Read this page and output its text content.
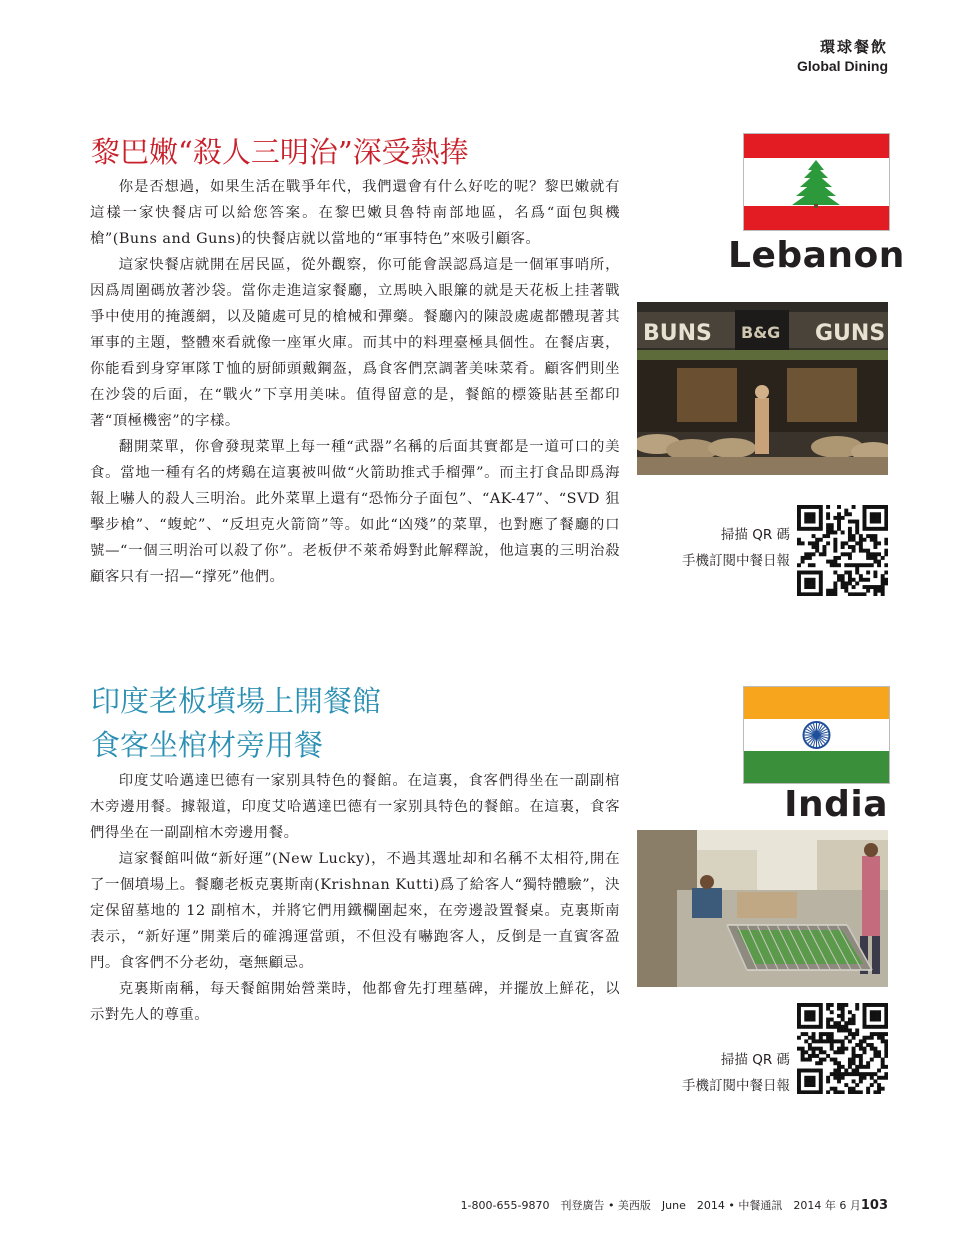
環球餐飲
Global Dining
黎巴嫩“殺人三明治”深受熱捧

你是否想過，如果生活在戰爭年代，我們還會有什么好吃的呢？黎巴嫩就有這樣一家快餐店可以給您答案。在黎巴嫩貝魯特南部地區，名爲“面包與機槍”(Buns and Guns)的快餐店就以當地的“軍事特色”來吸引顧客。

這家快餐店就開在居民區，從外觀察，你可能會誤認爲這是一個軍事哨所，因爲周圍碼放著沙袋。當你走進這家餐廳，立馬映入眼簾的就是天花板上挂著戰爭中使用的掩護網，以及隨處可見的槍械和彈藥。餐廳內的陳設處處都體現著其軍事的主題，整體來看就像一座軍火庫。而其中的料理臺極具個性。在餐店裏，你能看到身穿軍隊Ｔ恤的厨師頭戴鋼盔，爲食客們烹調著美味菜肴。顧客們則坐在沙袋的后面，在“戰火”下享用美味。值得留意的是，餐館的標簽貼甚至都印著“頂極機密”的字樣。

翻開菜單，你會發現菜單上每一種“武器”名稱的后面其實都是一道可口的美食。當地一種有名的烤鷄在這裏被叫做“火箭助推式手榴彈”。而主打食品即爲海報上嚇人的殺人三明治。此外菜單上還有“恐怖分子面包”、“AK-47”、“SVD 狙擊步槍”、“蝮蛇”、“反坦克火箭筒”等。如此“凶殘”的菜單，也對應了餐廳的口號—“一個三明治可以殺了你”。老板伊不萊希姆對此解釋說，他這裏的三明治殺顧客只有一招—“撑死”他們。

Lebanon
BUNS B&G GUNS
掃描 QR 碼
手機訂閱中餐日報
印度老板墳場上開餐館
食客坐棺材旁用餐

印度艾哈邁達巴德有一家别具特色的餐館。在這裏，食客們得坐在一副副棺木旁邊用餐。據報道，印度艾哈邁達巴德有一家别具特色的餐館。在這裏，食客們得坐在一副副棺木旁邊用餐。

這家餐館叫做“新好運”(New Lucky)，不過其選址却和名稱不太相符,開在了一個墳場上。餐廳老板克裏斯南(Krishnan Kutti)爲了給客人“獨特體驗”，決定保留墓地的 12 副棺木，并將它們用鐵欄圍起來，在旁邊設置餐桌。克裏斯南表示，“新好運”開業后的確鴻運當頭，不但没有嚇跑客人，反倒是一直賓客盈門。食客們不分老幼，毫無顧忌。

克裏斯南稱，每天餐館開始營業時，他都會先打理墓碑，并擺放上鮮花，以示對先人的尊重。

India
掃描 QR 碼
手機訂閱中餐日報
1-800-655-9870　刊登廣告 • 美西版　June　2014 • 中餐通訊　2014 年 6 月103
